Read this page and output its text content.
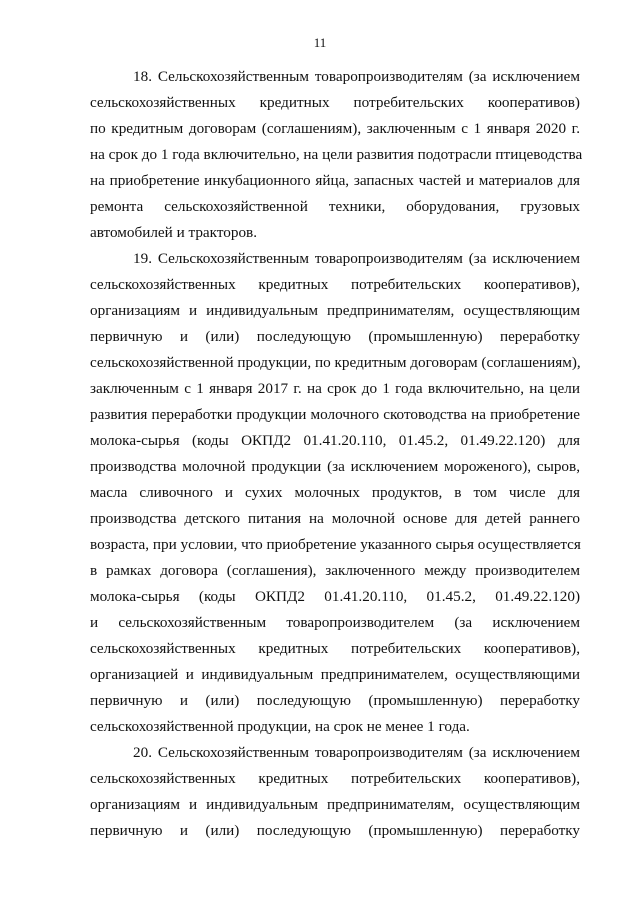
11
18. Сельскохозяйственным товаропроизводителям (за исключением
сельскохозяйственных кредитных потребительских кооперативов)
по кредитным договорам (соглашениям), заключенным с 1 января 2020 г.
на срок до 1 года включительно, на цели развития подотрасли птицеводства
на приобретение инкубационного яйца, запасных частей и материалов для
ремонта сельскохозяйственной техники, оборудования, грузовых
автомобилей и тракторов.
19. Сельскохозяйственным товаропроизводителям (за исключением
сельскохозяйственных кредитных потребительских кооперативов),
организациям и индивидуальным предпринимателям, осуществляющим
первичную и (или) последующую (промышленную) переработку
сельскохозяйственной продукции, по кредитным договорам (соглашениям),
заключенным с 1 января 2017 г. на срок до 1 года включительно, на цели
развития переработки продукции молочного скотоводства на приобретение
молока-сырья (коды ОКПД2 01.41.20.110, 01.45.2, 01.49.22.120) для
производства молочной продукции (за исключением мороженого), сыров,
масла сливочного и сухих молочных продуктов, в том числе для
производства детского питания на молочной основе для детей раннего
возраста, при условии, что приобретение указанного сырья осуществляется
в рамках договора (соглашения), заключенного между производителем
молока-сырья (коды ОКПД2 01.41.20.110, 01.45.2, 01.49.22.120)
и сельскохозяйственным товаропроизводителем (за исключением
сельскохозяйственных кредитных потребительских кооперативов),
организацией и индивидуальным предпринимателем, осуществляющими
первичную и (или) последующую (промышленную) переработку
сельскохозяйственной продукции, на срок не менее 1 года.
20. Сельскохозяйственным товаропроизводителям (за исключением
сельскохозяйственных кредитных потребительских кооперативов),
организациям и индивидуальным предпринимателям, осуществляющим
первичную и (или) последующую (промышленную) переработку
